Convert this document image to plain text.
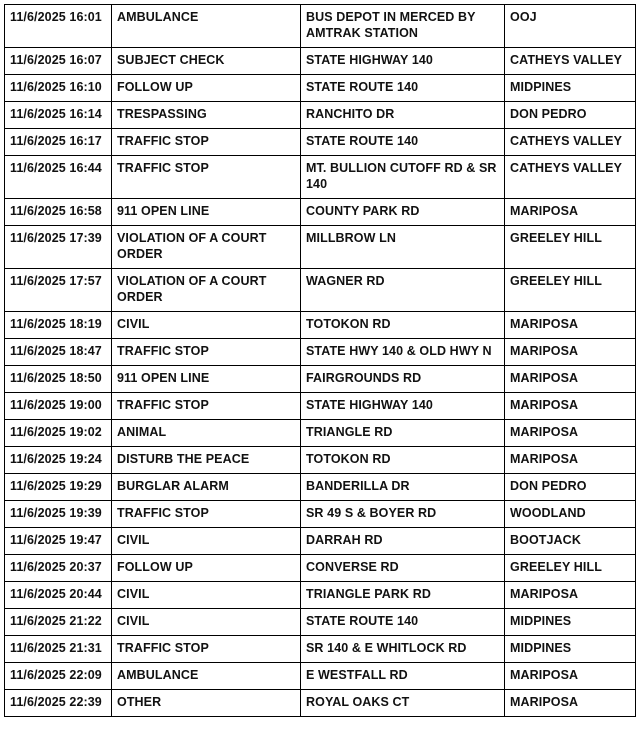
11/6/2025 16:01	AMBULANCE	BUS DEPOT IN MERCED BY AMTRAK STATION	OOJ
11/6/2025 16:07	SUBJECT CHECK	STATE HIGHWAY 140	CATHEYS VALLEY
11/6/2025 16:10	FOLLOW UP	STATE ROUTE 140	MIDPINES
11/6/2025 16:14	TRESPASSING	RANCHITO DR	DON PEDRO
11/6/2025 16:17	TRAFFIC STOP	STATE ROUTE 140	CATHEYS VALLEY
11/6/2025 16:44	TRAFFIC STOP	MT. BULLION CUTOFF RD & SR 140	CATHEYS VALLEY
11/6/2025 16:58	911 OPEN LINE	COUNTY PARK RD	MARIPOSA
11/6/2025 17:39	VIOLATION OF A COURT ORDER	MILLBROW LN	GREELEY HILL
11/6/2025 17:57	VIOLATION OF A COURT ORDER	WAGNER RD	GREELEY HILL
11/6/2025 18:19	CIVIL	TOTOKON RD	MARIPOSA
11/6/2025 18:47	TRAFFIC STOP	STATE HWY 140 & OLD HWY N	MARIPOSA
11/6/2025 18:50	911 OPEN LINE	FAIRGROUNDS RD	MARIPOSA
11/6/2025 19:00	TRAFFIC STOP	STATE HIGHWAY 140	MARIPOSA
11/6/2025 19:02	ANIMAL	TRIANGLE RD	MARIPOSA
11/6/2025 19:24	DISTURB THE PEACE	TOTOKON RD	MARIPOSA
11/6/2025 19:29	BURGLAR ALARM	BANDERILLA DR	DON PEDRO
11/6/2025 19:39	TRAFFIC STOP	SR 49 S & BOYER RD	WOODLAND
11/6/2025 19:47	CIVIL	DARRAH RD	BOOTJACK
11/6/2025 20:37	FOLLOW UP	CONVERSE RD	GREELEY HILL
11/6/2025 20:44	CIVIL	TRIANGLE PARK RD	MARIPOSA
11/6/2025 21:22	CIVIL	STATE ROUTE 140	MIDPINES
11/6/2025 21:31	TRAFFIC STOP	SR 140 & E WHITLOCK RD	MIDPINES
11/6/2025 22:09	AMBULANCE	E WESTFALL RD	MARIPOSA
11/6/2025 22:39	OTHER	ROYAL OAKS CT	MARIPOSA
